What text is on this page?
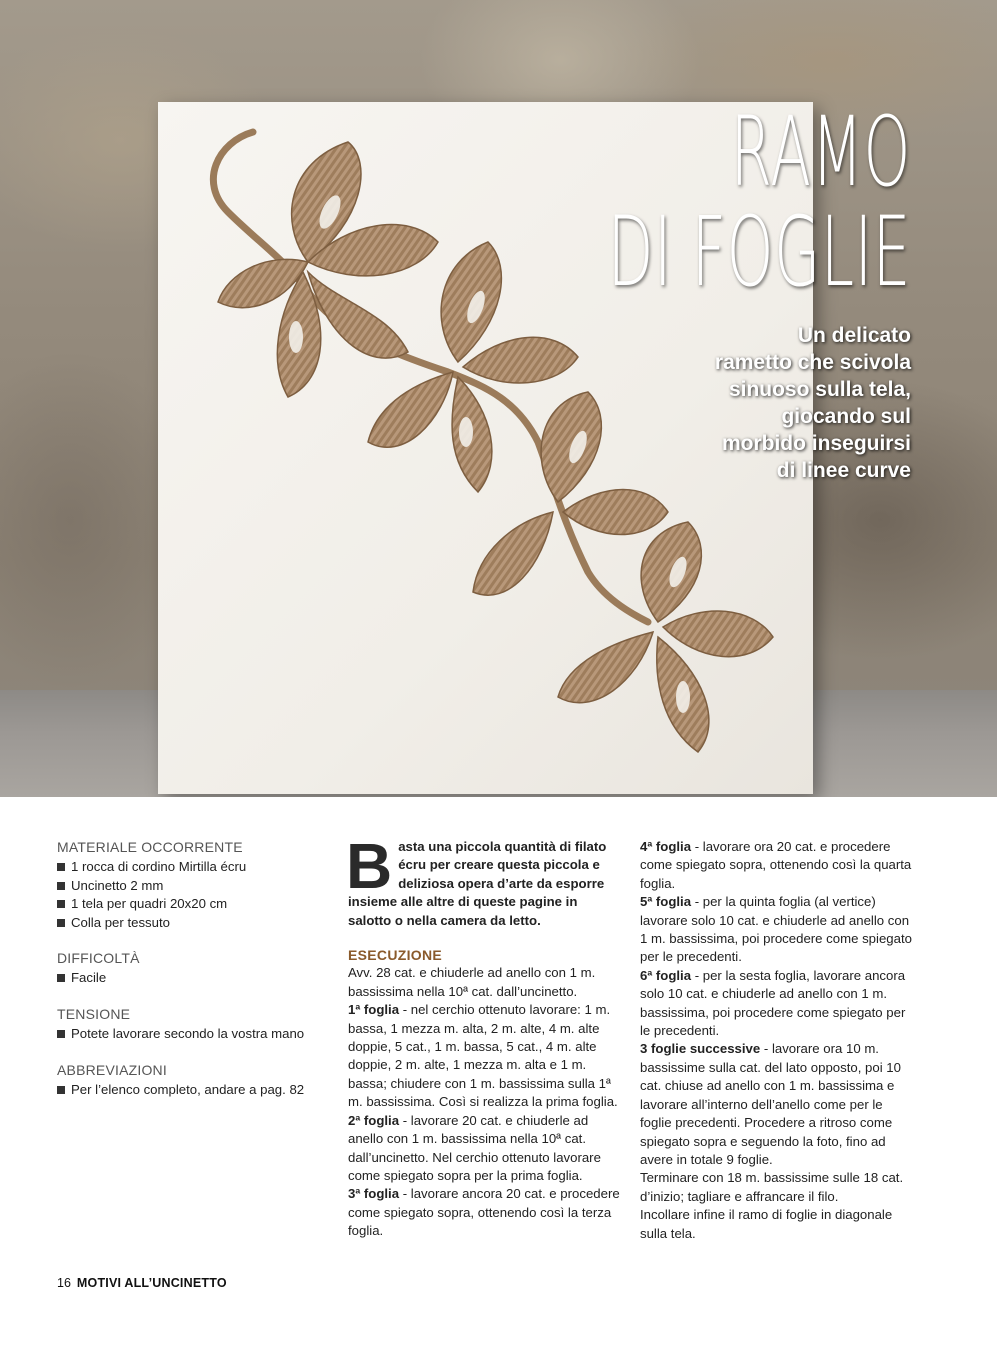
RAMO
DI FOGLIE
Un delicato
rametto che scivola
sinuoso sulla tela,
giocando sul
morbido inseguirsi
di linee curve
MATERIALE OCCORRENTE
1 rocca di cordino Mirtilla écru
Uncinetto 2 mm
1 tela per quadri 20x20 cm
Colla per tessuto
DIFFICOLTÀ
Facile
TENSIONE
Potete lavorare secondo la vostra mano
ABBREVIAZIONI
Per l’elenco completo, andare a pag. 82

Basta una piccola quantità di filato écru per creare questa piccola e deliziosa opera d’arte da esporre insieme alle altre di queste pagine in salotto o nella camera da letto.

ESECUZIONE

Avv. 28 cat. e chiuderle ad anello con 1 m. bassissima nella 10ª cat. dall’uncinetto.

1ª foglia - nel cerchio ottenuto lavorare: 1 m. bassa, 1 mezza m. alta, 2 m. alte, 4 m. alte doppie, 5 cat., 1 m. bassa, 5 cat., 4 m. alte doppie, 2 m. alte, 1 mezza m. alta e 1 m. bassa; chiudere con 1 m. bassissima sulla 1ª m. bassissima. Così si realizza la prima foglia.

2ª foglia - lavorare 20 cat. e chiuderle ad anello con 1 m. bassissima nella 10ª cat. dall’uncinetto. Nel cerchio ottenuto lavorare come spiegato sopra per la prima foglia.

3ª foglia - lavorare ancora 20 cat. e procedere come spiegato sopra, ottenendo così la terza foglia.

4ª foglia - lavorare ora 20 cat. e procedere come spiegato sopra, ottenendo così la quarta foglia.

5ª foglia - per la quinta foglia (al vertice) lavorare solo 10 cat. e chiuderle ad anello con 1 m. bassissima, poi procedere come spiegato per le precedenti.

6ª foglia - per la sesta foglia, lavorare ancora solo 10 cat. e chiuderle ad anello con 1 m. bassissima, poi procedere come spiegato per le precedenti.

3 foglie successive - lavorare ora 10 m. bassissime sulla cat. del lato opposto, poi 10 cat. chiuse ad anello con 1 m. bassissima e lavorare all’interno dell’anello come per le foglie precedenti. Procedere a ritroso come spiegato sopra e seguendo la foto, fino ad avere in totale 9 foglie.

Terminare con 18 m. bassissime sulle 18 cat. d’inizio; tagliare e affrancare il filo.

Incollare infine il ramo di foglie in diagonale sulla tela.

16 MOTIVI ALL’UNCINETTO
